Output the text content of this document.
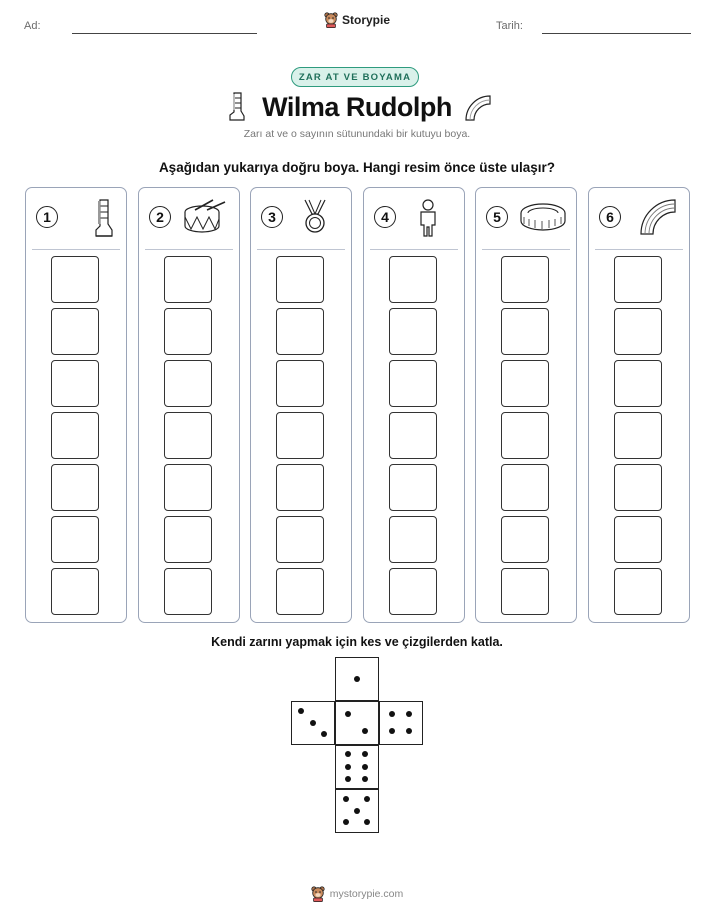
Ad:	Tarih:
Storypie
ZAR AT VE BOYAMA
Wilma Rudolph
Zarı at ve o sayının sütunundaki bir kutuyu boya.
Aşağıdan yukarıya doğru boya. Hangi resim önce üste ulaşır?
1	2	3	4	5	6
Kendi zarını yapmak için kes ve çizgilerden katla.
mystorypie.com
